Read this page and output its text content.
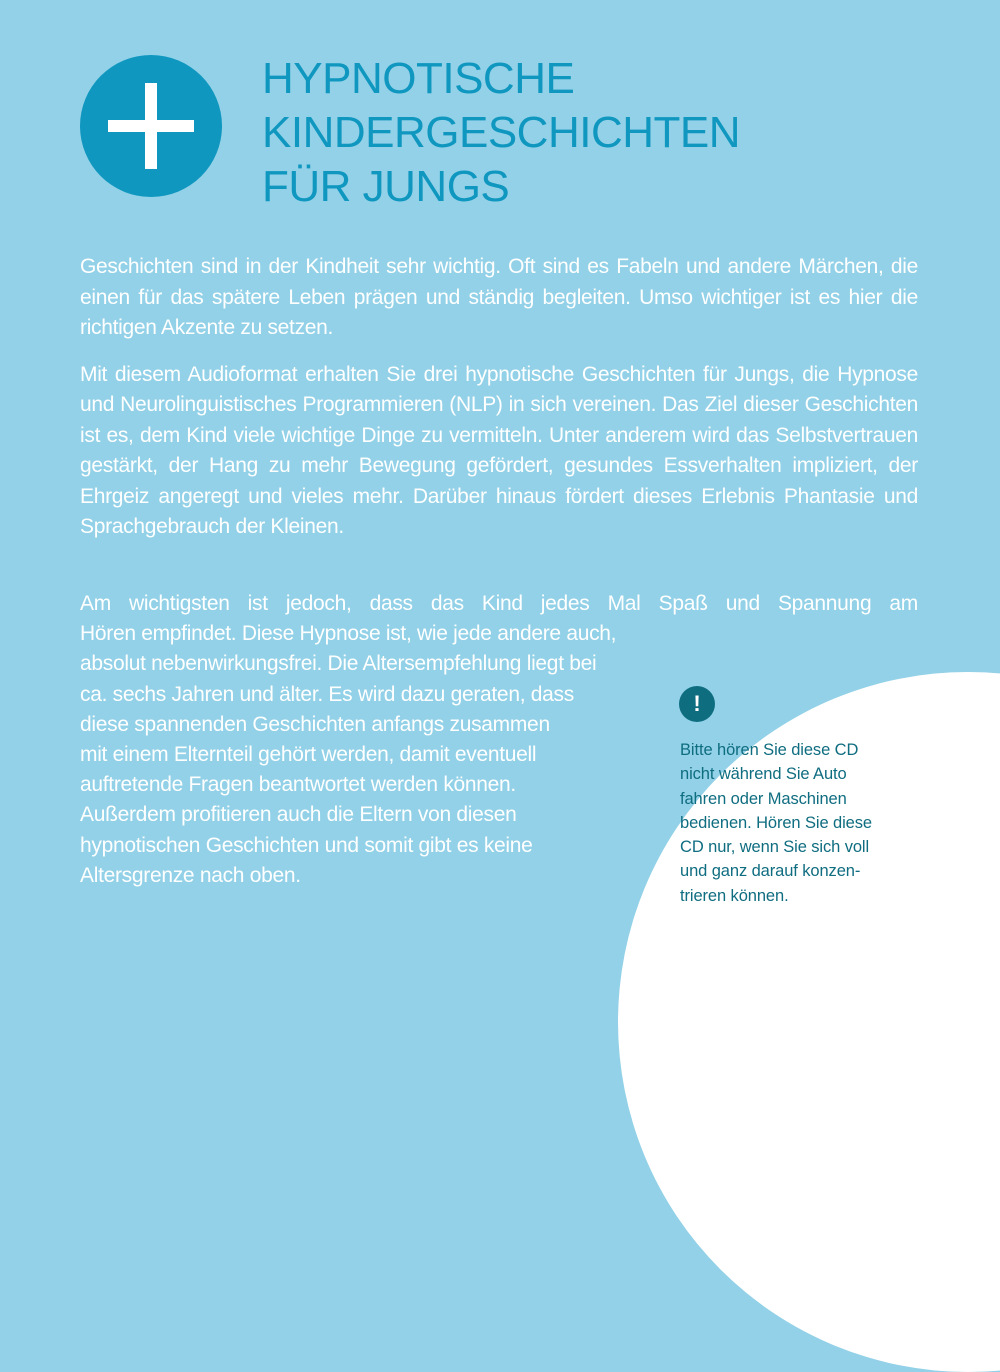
HYPNOTISCHE
KINDERGESCHICHTEN
FÜR JUNGS

Geschichten sind in der Kindheit sehr wichtig. Oft sind es Fabeln und andere Märchen, die einen für das spätere Leben prägen und ständig begleiten. Umso wichtiger ist es hier die richtigen Akzente zu setzen.

Mit diesem Audioformat erhalten Sie drei hypnotische Geschichten für Jungs, die Hypnose und Neurolinguistisches Programmieren (NLP) in sich vereinen. Das Ziel dieser Geschichten ist es, dem Kind viele wichtige Dinge zu vermitteln. Unter anderem wird das Selbstvertrauen gestärkt, der Hang zu mehr Bewegung gefördert, gesundes Essverhalten impliziert, der Ehrgeiz angeregt und vieles mehr. Darüber hinaus fördert dieses Erlebnis Phantasie und Sprachgebrauch der Kleinen.

Am wichtigsten ist jedoch, dass das Kind jedes Mal Spaß und Spannung am
Hören empfindet. Diese Hypnose ist, wie jede andere auch,
absolut nebenwirkungsfrei. Die Altersempfehlung liegt bei
ca. sechs Jahren und älter. Es wird dazu geraten, dass
diese spannenden Geschichten anfangs zusammen
mit einem Elternteil gehört werden, damit eventuell
auftretende Fragen beantwortet werden können.
Außerdem profitieren auch die Eltern von diesen
hypnotischen Geschichten und somit gibt es keine
Altersgrenze nach oben.
!
Bitte hören Sie diese CD
nicht während Sie Auto
fahren oder Maschinen
bedienen. Hören Sie diese
CD nur, wenn Sie sich voll
und ganz darauf konzen-
trieren können.
